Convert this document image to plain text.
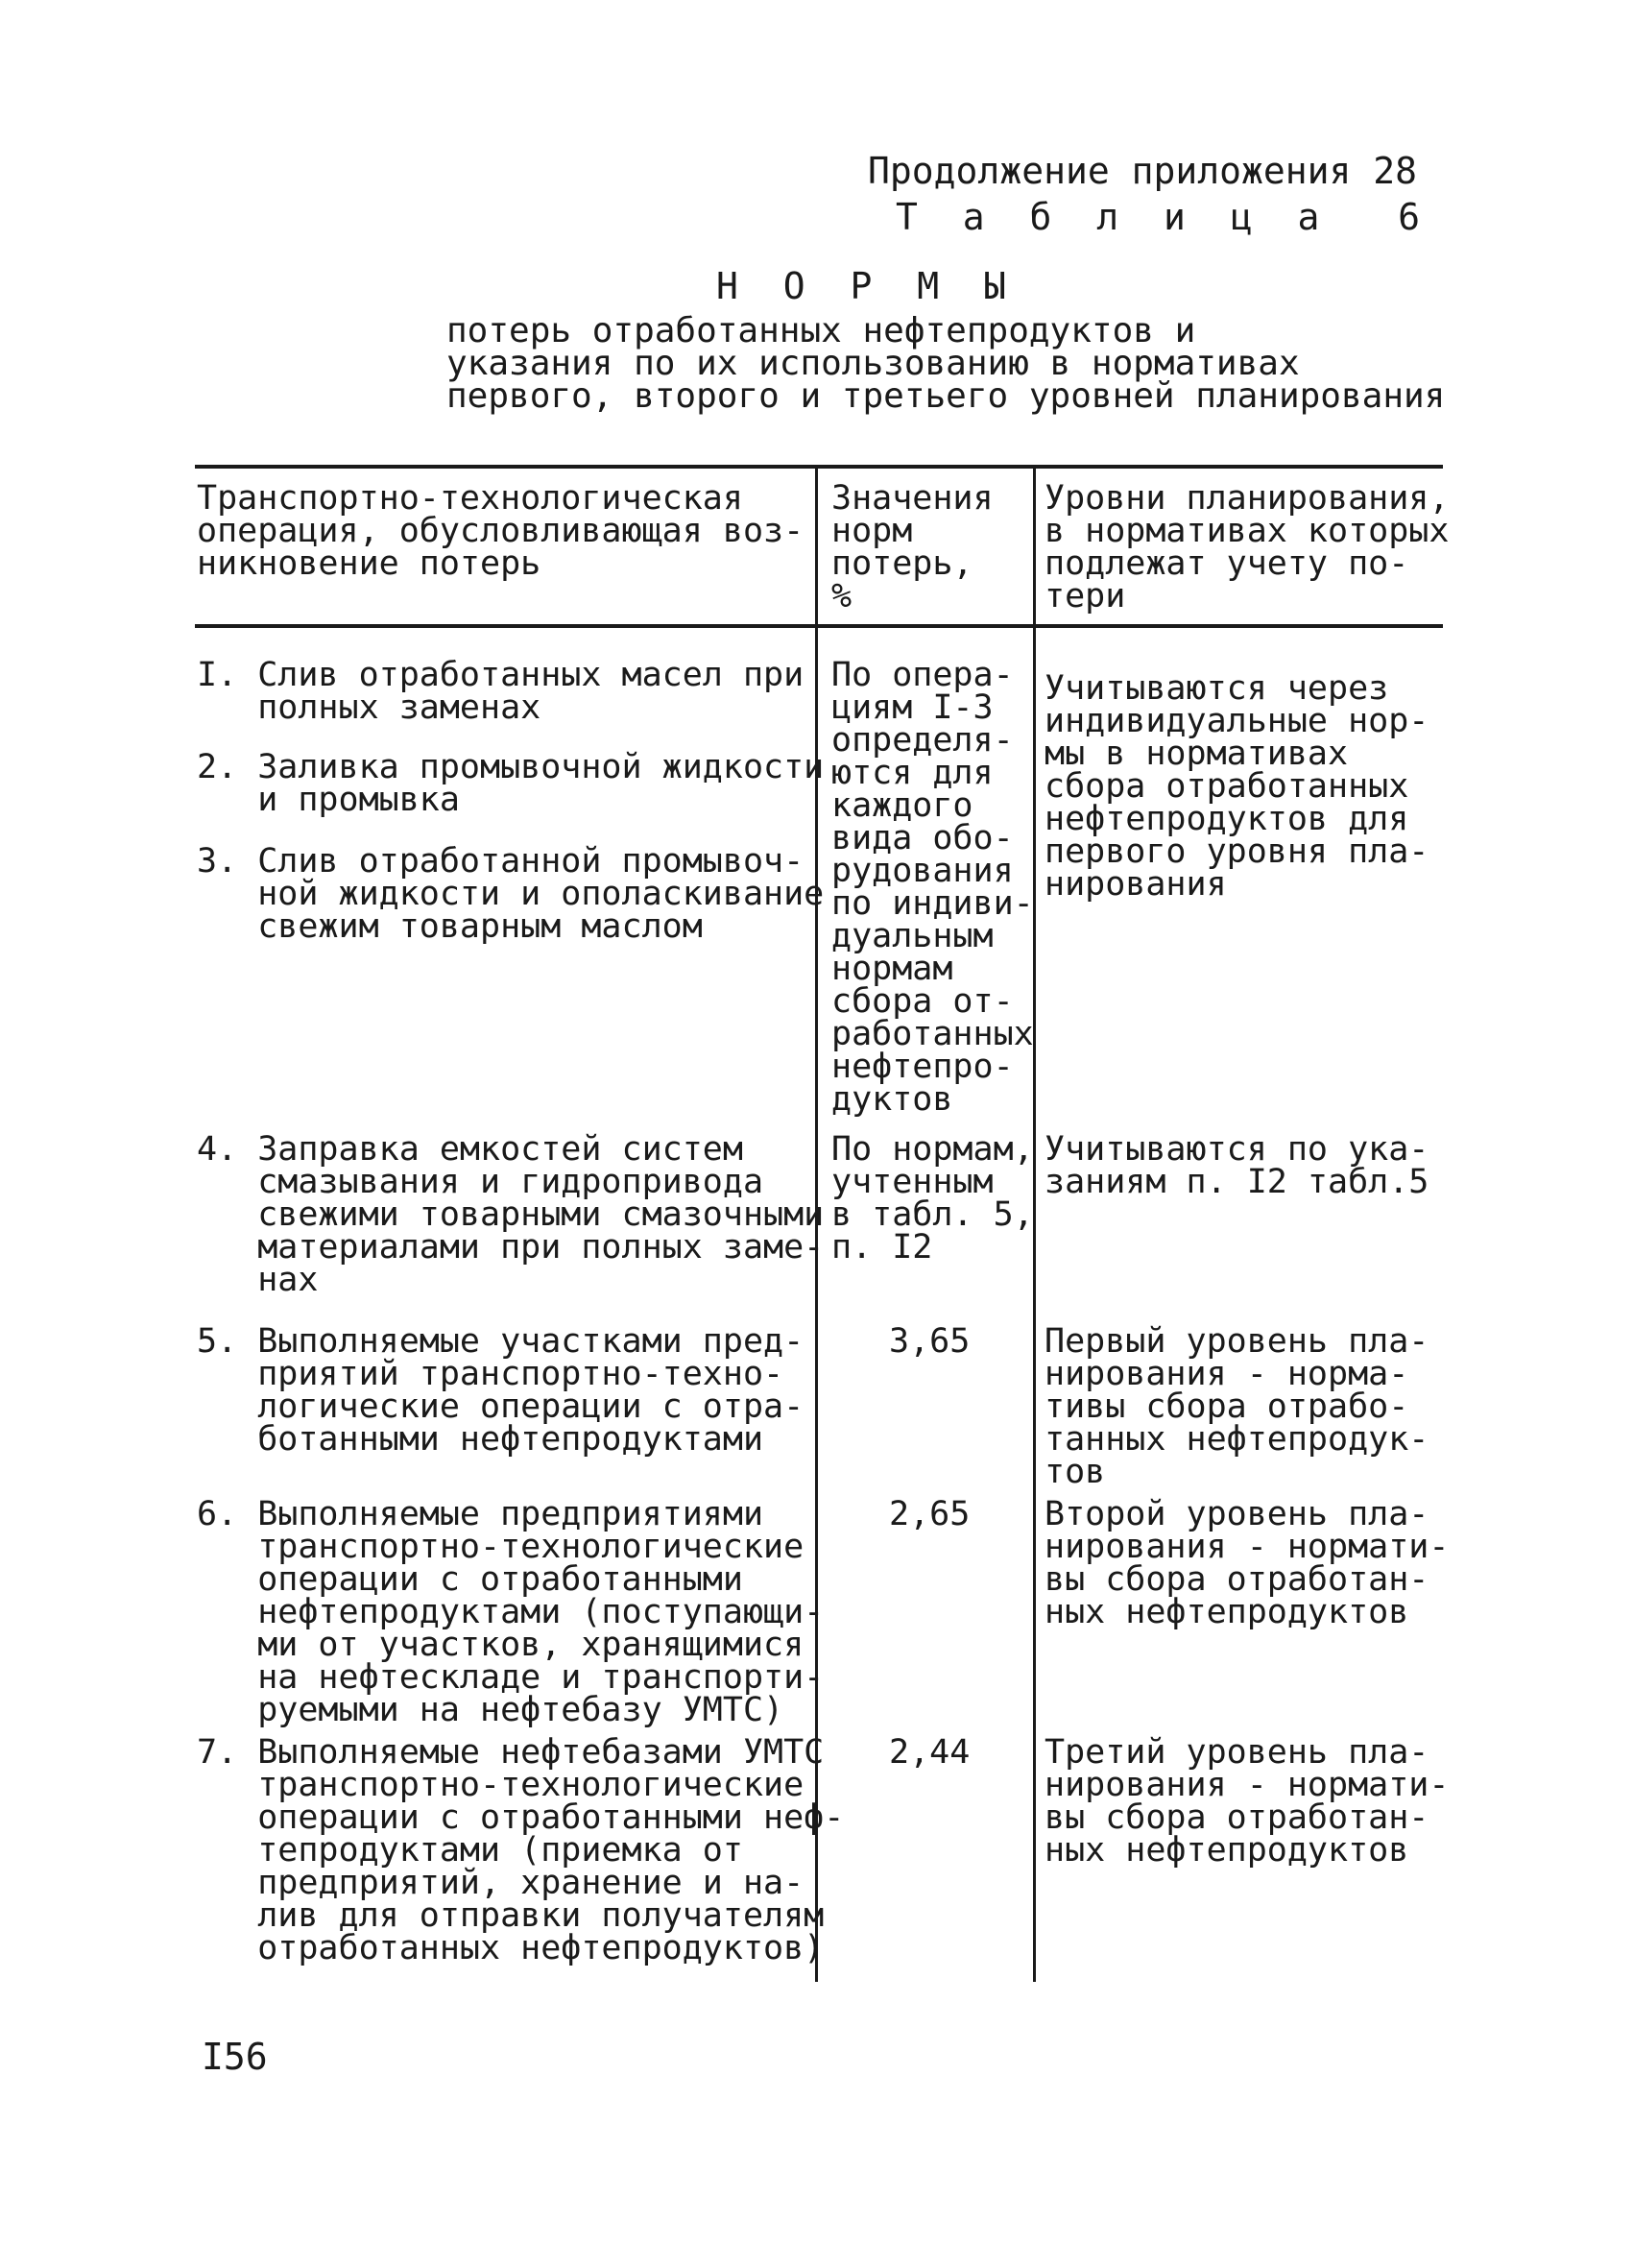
Продолжение приложения 28
Т а б л и ц а  6
Н О Р М Ы
потерь отработанных нефтепродуктов и
указания по их использованию в нормативах
первого, второго и третьего уровней планирования
Транспортно-технологическая
операция, обусловливающая воз-
никновение потерь
Значения
норм
потерь,
%
Уровни планирования,
в нормативах которых
подлежат учету по-
тери
I. Слив отработанных масел при
полных заменах
2. Заливка промывочной жидкости
и промывка
3. Слив отработанной промывоч-
ной жидкости и ополаскивание
свежим товарным маслом
По опера-
циям I-3
определя-
ются для
каждого
вида обо-
рудования
по индиви-
дуальным
нормам
сбора от-
работанных
нефтепро-
дуктов
Учитываются через
индивидуальные нор-
мы в нормативах
сбора отработанных
нефтепродуктов для
первого уровня пла-
нирования
4. Заправка емкостей систем
смазывания и гидропривода
свежими товарными смазочными
материалами при полных заме-
нах
По нормам,
учтенным
в табл. 5,
п. I2
Учитываются по ука-
заниям п. I2 табл.5
5. Выполняемые участками пред-
приятий транспортно-техно-
логические операции с отра-
ботанными нефтепродуктами
3,65 Первый уровень пла-
нирования - норма-
тивы сбора отрабо-
танных нефтепродук-
тов
6. Выполняемые предприятиями
транспортно-технологические
операции с отработанными
нефтепродуктами (поступающи-
ми от участков, хранящимися
на нефтескладе и транспорти-
руемыми на нефтебазу УМТС)
2,65 Второй уровень пла-
нирования - нормати-
вы сбора отработан-
ных нефтепродуктов
7. Выполняемые нефтебазами УМТС
транспортно-технологические
операции с отработанными неф-
тепродуктами (приемка от
предприятий, хранение и на-
лив для отправки получателям
отработанных нефтепродуктов)
2,44 Третий уровень пла-
нирования - нормати-
вы сбора отработан-
ных нефтепродуктов
I56
